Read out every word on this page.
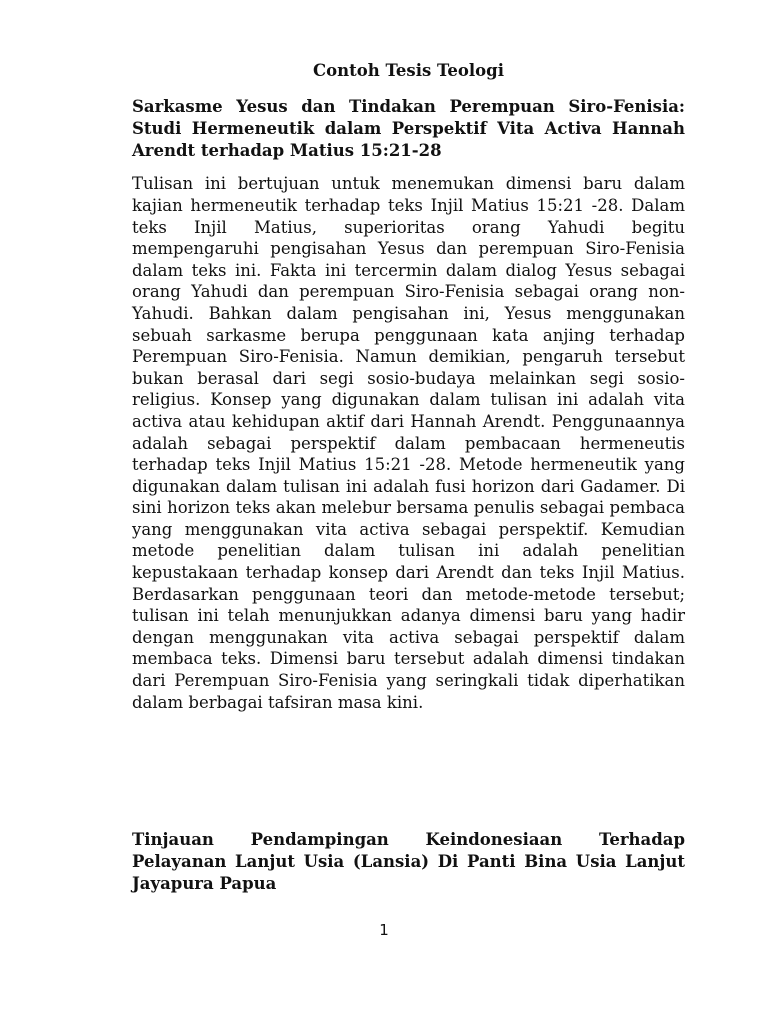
Contoh Tesis Teologi
Sarkasme Yesus dan Tindakan Perempuan Siro-Fenisia: Studi Hermeneutik dalam Perspektif Vita Activa Hannah Arendt terhadap Matius 15:21-28

Tulisan ini bertujuan untuk menemukan dimensi baru dalam kajian hermeneutik terhadap teks Injil Matius 15:21 -28. Dalam teks Injil Matius, superioritas orang Yahudi begitu mempengaruhi pengisahan Yesus dan perempuan Siro-Fenisia dalam teks ini. Fakta ini tercermin dalam dialog Yesus sebagai orang Yahudi dan perempuan Siro-Fenisia sebagai orang non-Yahudi. Bahkan dalam pengisahan ini, Yesus menggunakan sebuah sarkasme berupa penggunaan kata anjing terhadap Perempuan Siro-Fenisia. Namun demikian, pengaruh tersebut bukan berasal dari segi sosio-budaya melainkan segi sosio-religius. Konsep yang digunakan dalam tulisan ini adalah vita activa atau kehidupan aktif dari Hannah Arendt. Penggunaannya adalah sebagai perspektif dalam pembacaan hermeneutis terhadap teks Injil Matius 15:21 -28. Metode hermeneutik yang digunakan dalam tulisan ini adalah fusi horizon dari Gadamer. Di sini horizon teks akan melebur bersama penulis sebagai pembaca yang menggunakan vita activa sebagai perspektif. Kemudian metode penelitian dalam tulisan ini adalah penelitian kepustakaan terhadap konsep dari Arendt dan teks Injil Matius. Berdasarkan penggunaan teori dan metode-metode tersebut; tulisan ini telah menunjukkan adanya dimensi baru yang hadir dengan menggunakan vita activa sebagai perspektif dalam membaca teks. Dimensi baru tersebut adalah dimensi tindakan dari Perempuan Siro-Fenisia yang seringkali tidak diperhatikan dalam berbagai tafsiran masa kini.

Tinjauan Pendampingan Keindonesiaan Terhadap Pelayanan Lanjut Usia (Lansia) Di Panti Bina Usia Lanjut Jayapura Papua
1
